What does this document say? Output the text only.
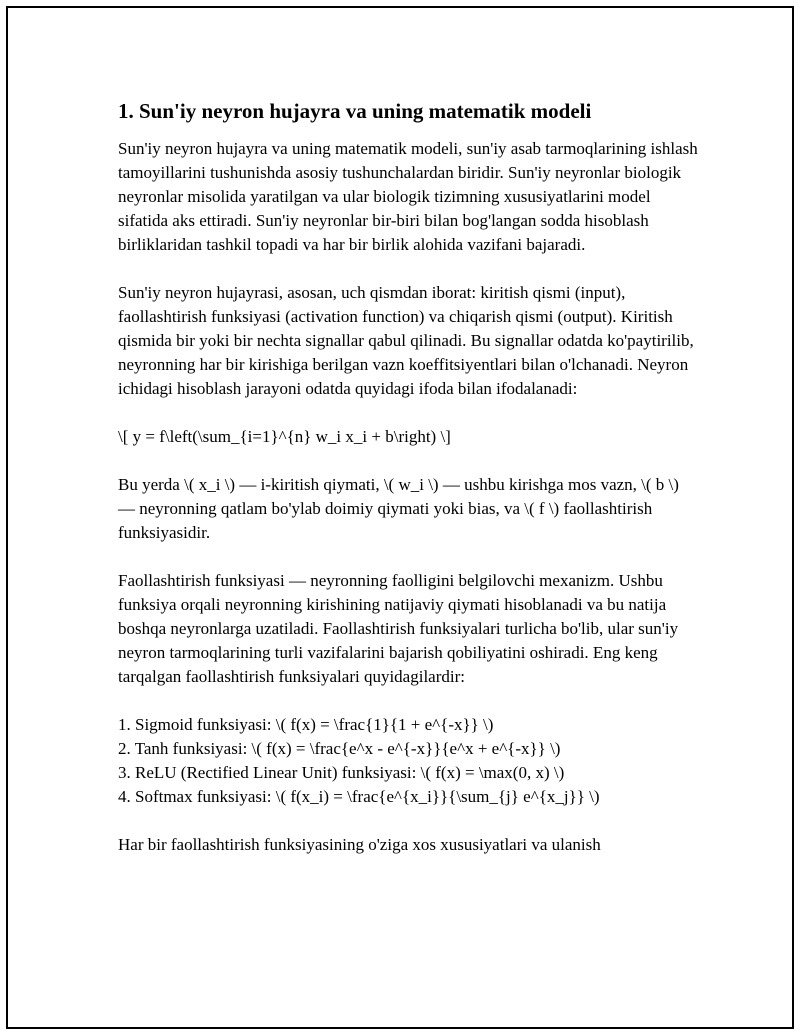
1. Sun'iy neyron hujayra va uning matematik modeli

Sun'iy neyron hujayra va uning matematik modeli, sun'iy asab tarmoqlarining ishlash tamoyillarini tushunishda asosiy tushunchalardan biridir. Sun'iy neyronlar biologik neyronlar misolida yaratilgan va ular biologik tizimning xususiyatlarini model sifatida aks ettiradi. Sun'iy neyronlar bir-biri bilan bog'langan sodda hisoblash birliklaridan tashkil topadi va har bir birlik alohida vazifani bajaradi.

Sun'iy neyron hujayrasi, asosan, uch qismdan iborat: kiritish qismi (input), faollashtirish funksiyasi (activation function) va chiqarish qismi (output). Kiritish qismida bir yoki bir nechta signallar qabul qilinadi. Bu signallar odatda ko'paytirilib, neyronning har bir kirishiga berilgan vazn koeffitsiyentlari bilan o'lchanadi. Neyron ichidagi hisoblash jarayoni odatda quyidagi ifoda bilan ifodalanadi:

\[ y = f\left(\sum_{i=1}^{n} w_i x_i + b\right) \]

Bu yerda \( x_i \) — i-kiritish qiymati, \( w_i \) — ushbu kirishga mos vazn, \( b \) — neyronning qatlam bo'ylab doimiy qiymati yoki bias, va \( f \) faollashtirish funksiyasidir.

Faollashtirish funksiyasi — neyronning faolligini belgilovchi mexanizm. Ushbu funksiya orqali neyronning kirishining natijaviy qiymati hisoblanadi va bu natija boshqa neyronlarga uzatiladi. Faollashtirish funksiyalari turlicha bo'lib, ular sun'iy neyron tarmoqlarining turli vazifalarini bajarish qobiliyatini oshiradi. Eng keng tarqalgan faollashtirish funksiyalari quyidagilardir:

1. Sigmoid funksiyasi: \( f(x) = \frac{1}{1 + e^{-x}} \)
2. Tanh funksiyasi: \( f(x) = \frac{e^x - e^{-x}}{e^x + e^{-x}} \)
3. ReLU (Rectified Linear Unit) funksiyasi: \( f(x) = \max(0, x) \)
4. Softmax funksiyasi: \( f(x_i) = \frac{e^{x_i}}{\sum_{j} e^{x_j}} \)

Har bir faollashtirish funksiyasining o'ziga xos xususiyatlari va ulanish
